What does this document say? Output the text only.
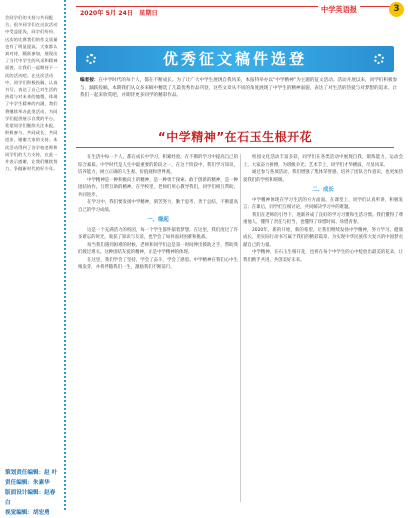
会同学们的支持与共同配合，很多同学们在这次活动中受益匪浅，同学们纷纷，这次的比赛我们的作文质量也有了明显提高，大家都认真对待，踊跃参加，展现出了当代中学生的风采和精神面貌，让我们一起期待下一次的活动吧。在这次活动中，同学们积极投稿，认真书写，表达了自己对生活的热爱与对未来的憧憬，体现了中学生精神的内涵，我们将继续举办此类活动，为同学们提供展示自我的平台，希望同学们继续关注本报，积极参与，共同成长，共同进步，谢谢大家的支持。本次活动得到了各学校老师和同学们的大力支持，在此一并表示感谢，让我们继续努力，争做新时代的好少年。
策划责任编辑：赵 叶
责任编辑：朱素华
版面设计编辑：赵春白
视觉编辑：胡宏勇
2020年 5月 24日 星期日	中学英语报	3
优秀征文稿件选登
编者按：在中学时代的每个人，都在不断成长。为了让广大中学生展现自我风采，本报特举办以“中学精神”为主题的征文活动。活动开展以来，同学们积极参与，踊跃投稿，本期我们从众多来稿中精选了几篇优秀作品刊登，这些文章从不同的角度展现了中学生的精神面貌，表达了对生活的热爱与对梦想的追求，让我们一起来欣赏吧，并期待更多同学的精彩作品。
“中学精神”在石玉生根开花

在生活中每一个人，都在成长中学习，积累经验，在不断的学习中提高自己的综合素质。中学时代是人生中最重要的阶段之一，在这个阶段中，我们学习知识，培养能力，树立正确的人生观、价值观和世界观。

中学精神是一种积极向上的精神，是一种勇于探索、敢于创新的精神，是一种团结协作、互帮互助的精神。在学校里，老师们用心教导我们，同学们相互帮助，共同进步。

在学习中，我们要发扬中学精神，刻苦努力，勤于思考，善于总结，不断提高自己的学习成绩。

一、缘起

这是一个充满活力的校园，每一个学生都怀揣着梦想。在这里，我们度过了许多难忘的时光，收获了知识与友谊，也学会了如何面对困难和挑战。

每当我们遇到困难的时候，老师和同学们总是第一时间伸出援助之手，帮助我们渡过难关。这种团结友爱的精神，正是中学精神的体现。

在这里，我们学会了坚持，学会了奋斗，学会了感恩。中学精神在我们心中生根发芽，并将伴随我们一生，激励我们不断前行。

校园文化活动丰富多彩，同学们在各类活动中展现自我，锻炼能力。运动会上，大家奋力拼搏，为班级争光；艺术节上，同学们才华横溢，尽显风采。

通过参与各项活动，我们增强了集体荣誉感，培养了团队合作意识，也更加热爱我们的学校和班级。

二、成长

中学精神体现在学习生活的方方面面。在课堂上，同学们认真听讲，积极发言；在课后，同学们互相讨论，共同解决学习中的难题。

我们在老师的引导下，逐渐养成了良好的学习习惯和生活习惯。我们懂得了尊重他人，懂得了责任与担当，也懂得了珍惜时间、珍惜青春。

2020年，新的开始，新的希望。让我们继续发扬中学精神，努力学习，健康成长，用实际行动书写属于我们的精彩篇章，为实现中华民族伟大复兴的中国梦贡献自己的力量。

中学精神，在石玉生根开花，也将在每个中学生的心中绽放出最美的花朵，让我们携手共进，共创美好未来。
